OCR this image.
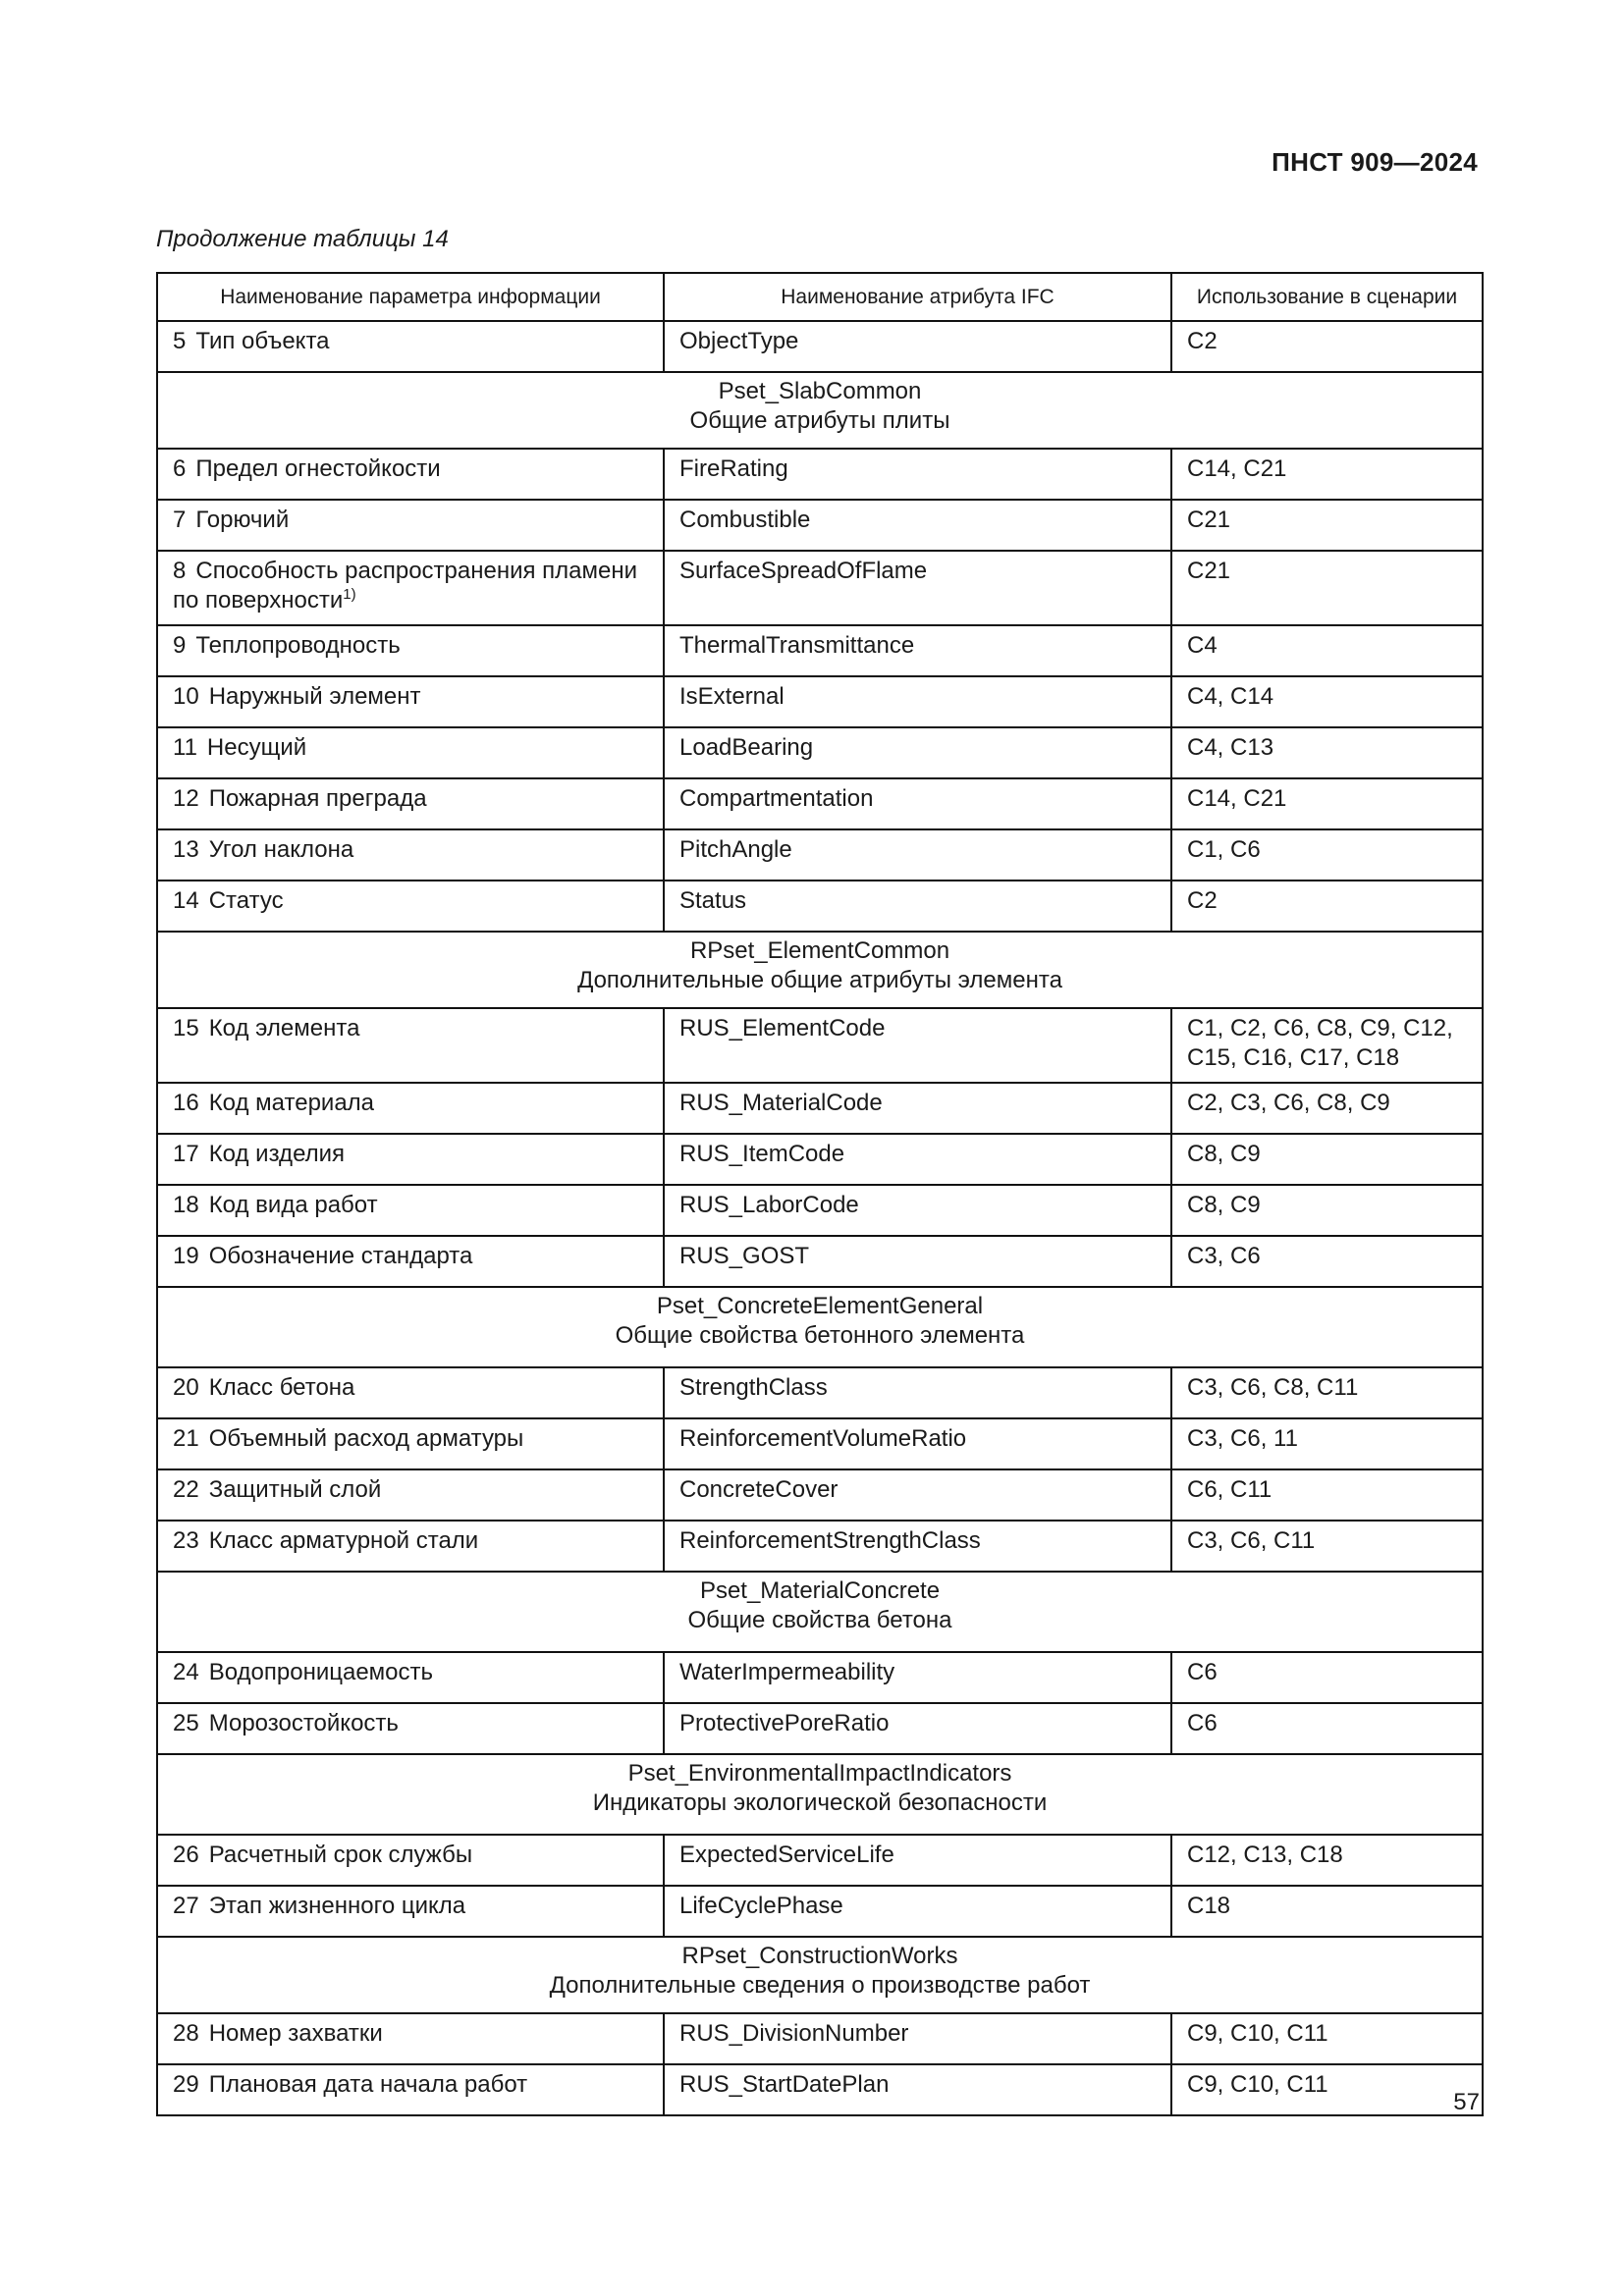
ПНСТ 909—2024
Продолжение таблицы 14
Наименование параметра информации	Наименование атрибута IFC	Использование в сценарии
5 Тип объекта	ObjectType	C2

Pset_SlabCommon
Общие атрибуты плиты		

6 Предел огнестойкости	FireRating	C14, C21
7 Горючий	Combustible	C21
8 Способность распространения пламени по поверхности$^{1)}$	SurfaceSpreadOfFlame	C21
9 Теплопроводность	ThermalTransmittance	C4
10 Наружный элемент	IsExternal	C4, C14
11 Несущий	LoadBearing	C4, C13
12 Пожарная преграда	Compartmentation	C14, C21
13 Угол наклона	PitchAngle	C1, C6
14 Статус	Status	C2

RPset_ElementCommon
Дополнительные общие атрибуты элемента		

15 Код элемента	RUS_ElementCode	C1, C2, C6, C8, C9, C12, C15, C16, C17, C18
16 Код материала	RUS_MaterialCode	C2, C3, C6, C8, C9
17 Код изделия	RUS_ItemCode	C8, C9
18 Код вида работ	RUS_LaborCode	C8, C9
19 Обозначение стандарта	RUS_GOST	C3, C6

Pset_ConcreteElementGeneral
Общие свойства бетонного элемента		

20 Класс бетона	StrengthClass	C3, C6, C8, C11
21 Объемный расход арматуры	ReinforcementVolumeRatio	C3, C6, 11
22 Защитный слой	ConcreteCover	C6, C11
23 Класс арматурной стали	ReinforcementStrengthClass	C3, C6, C11

Pset_MaterialConcrete
Общие свойства бетона		

24 Водопроницаемость	WaterImpermeability	C6
25 Морозостойкость	ProtectivePoreRatio	C6

Pset_EnvironmentalImpactIndicators
Индикаторы экологической безопасности		

26 Расчетный срок службы	ExpectedServiceLife	C12, C13, C18
27 Этап жизненного цикла	LifeCyclePhase	C18

RPset_ConstructionWorks
Дополнительные сведения о производстве работ		

28 Номер захватки	RUS_DivisionNumber	C9, C10, C11
29 Плановая дата начала работ	RUS_StartDatePlan	C9, C10, C11
57
